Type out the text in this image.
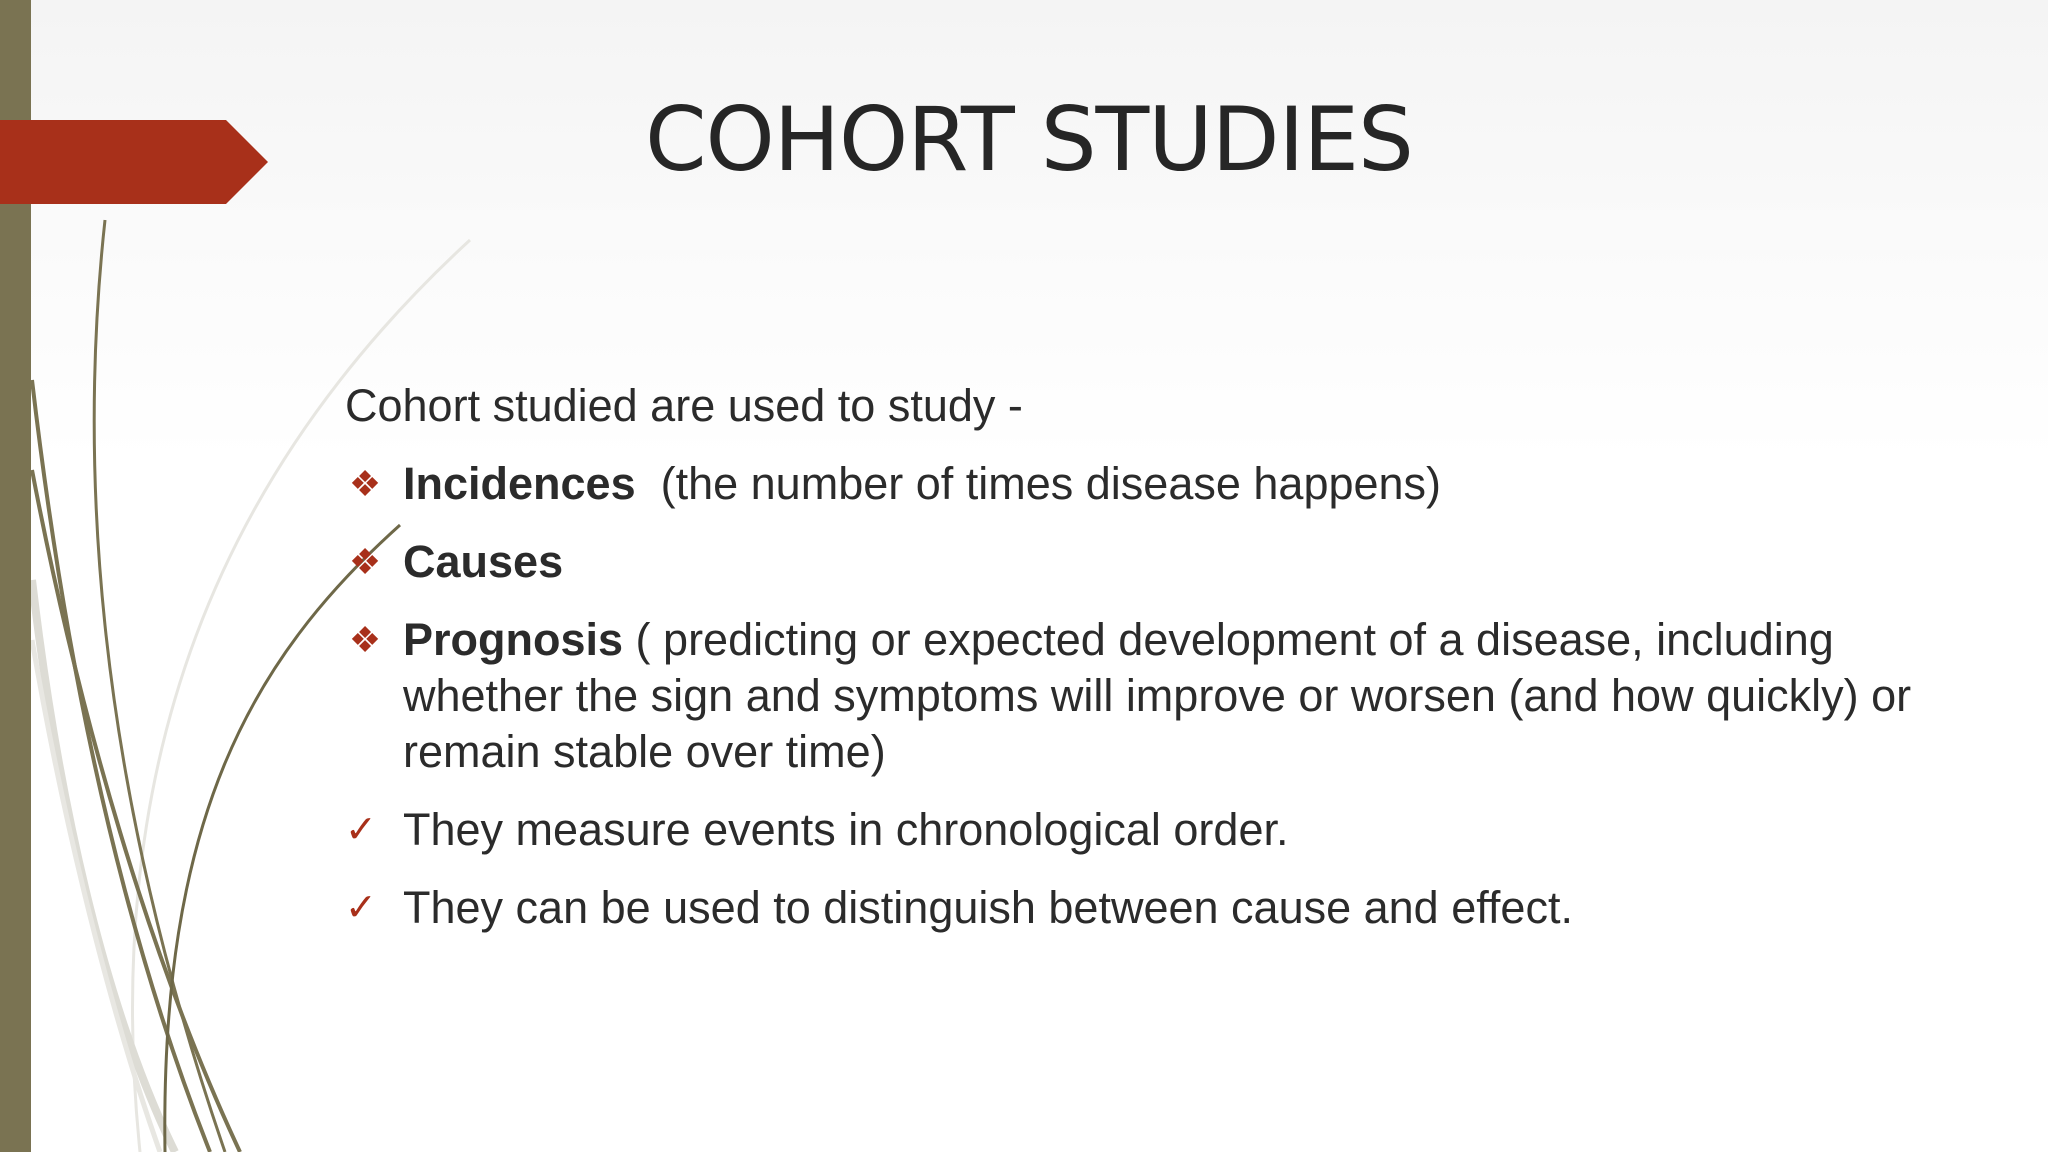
COHORT STUDIES

Cohort studied are used to study -

❖ Incidences  (the number of times disease happens)
❖ Causes
❖ Prognosis ( predicting or expected development of a disease, including whether the sign and symptoms will improve or worsen (and how quickly) or remain stable over time)
✓ They measure events in chronological order.
✓ They can be used to distinguish between cause and effect.
